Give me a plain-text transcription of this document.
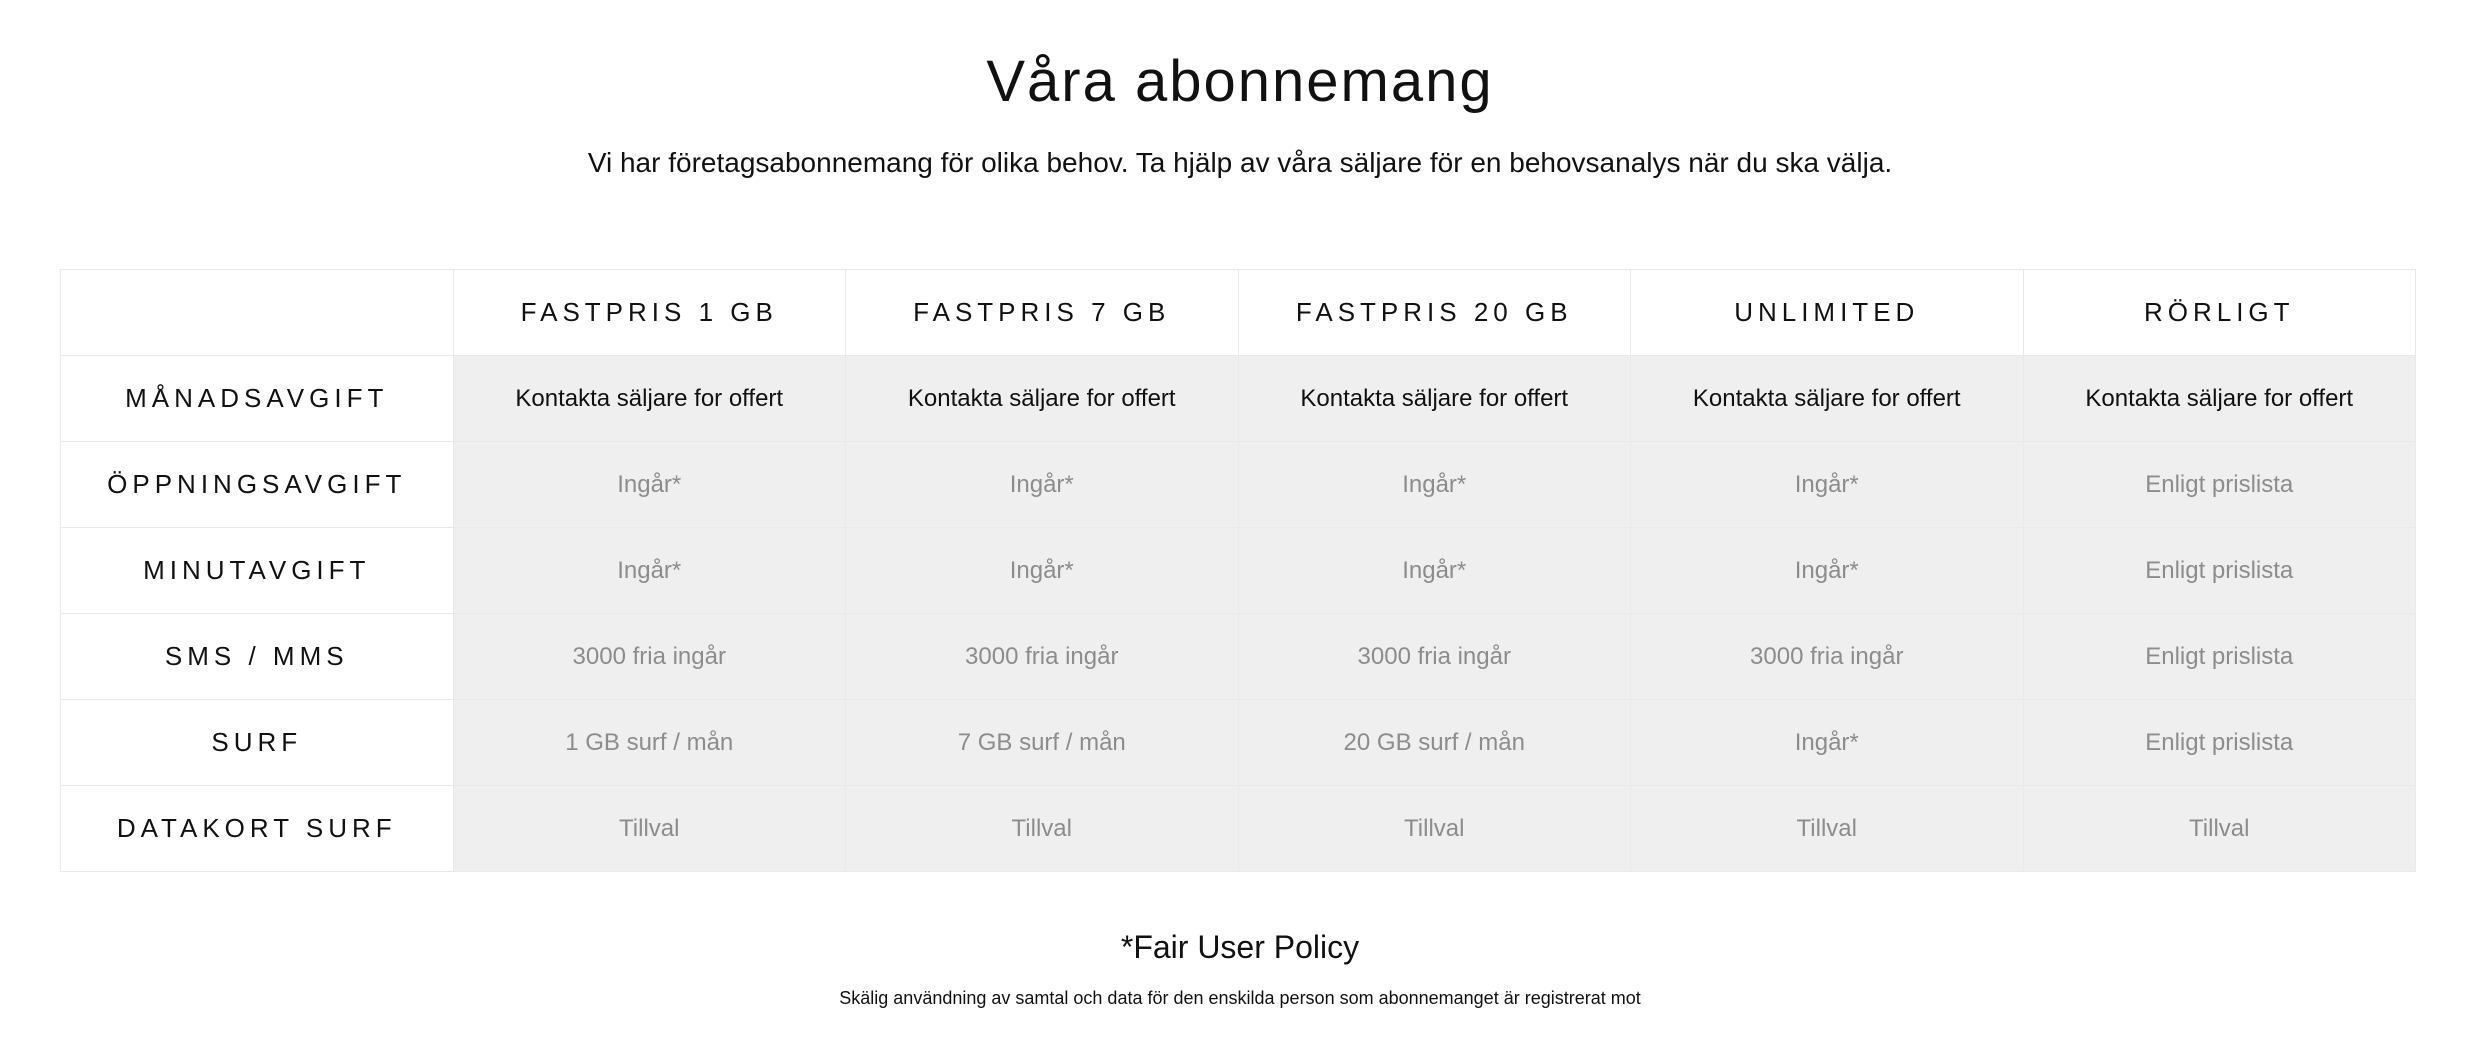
Våra abonnemang

Vi har företagsabonnemang för olika behov. Ta hjälp av våra säljare för en behovsanalys när du ska välja.

	FASTPRIS 1 GB	FASTPRIS 7 GB	FASTPRIS 20 GB	UNLIMITED	RÖRLIGT
MÅNADSAVGIFT	Kontakta säljare for offert	Kontakta säljare for offert	Kontakta säljare for offert	Kontakta säljare for offert	Kontakta säljare for offert
ÖPPNINGSAVGIFT	Ingår*	Ingår*	Ingår*	Ingår*	Enligt prislista
MINUTAVGIFT	Ingår*	Ingår*	Ingår*	Ingår*	Enligt prislista
SMS / MMS	3000 fria ingår	3000 fria ingår	3000 fria ingår	3000 fria ingår	Enligt prislista
SURF	1 GB surf / mån	7 GB surf / mån	20 GB surf / mån	Ingår*	Enligt prislista
DATAKORT SURF	Tillval	Tillval	Tillval	Tillval	Tillval
*Fair User Policy

Skälig användning av samtal och data för den enskilda person som abonnemanget är registrerat mot
